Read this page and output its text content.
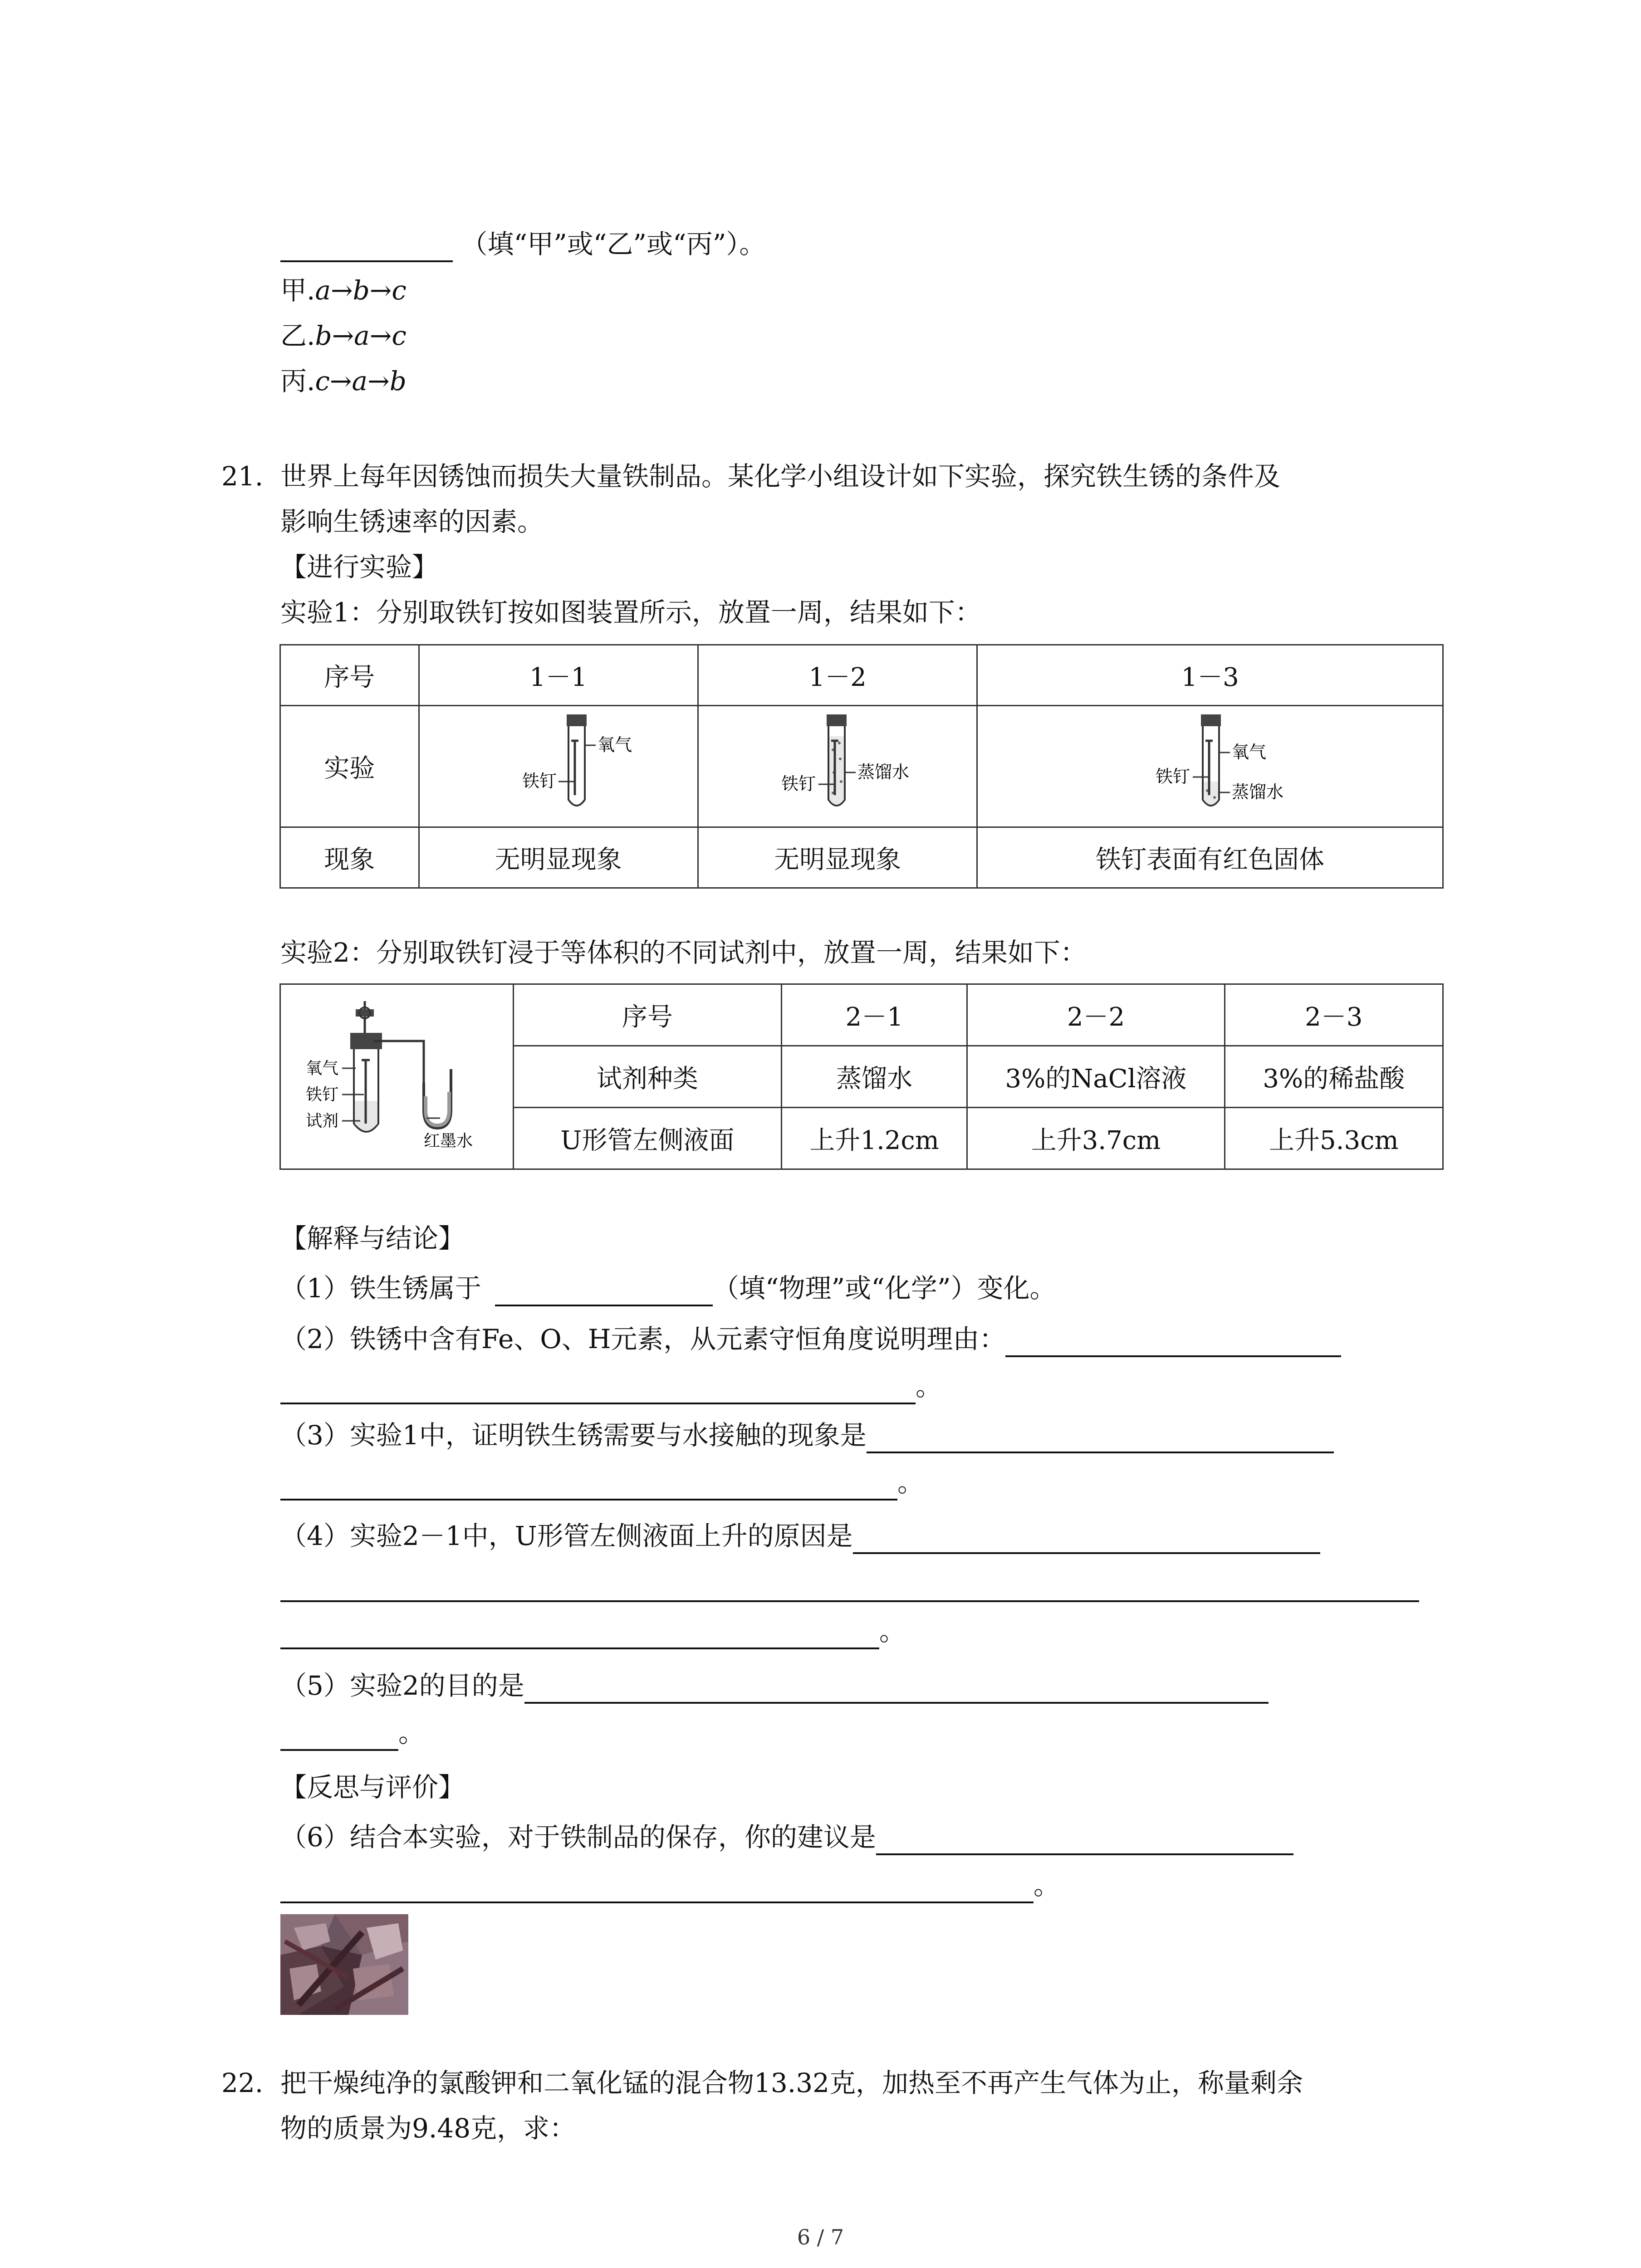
（填“甲”或“乙”或“丙”）。
甲.a→b→c
乙.b→a→c
丙.c→a→b
21. 世界上每年因锈蚀而损失大量铁制品。某化学小组设计如下实验，探究铁生锈的条件及
影响生锈速率的因素。
【进行实验】
实验1：分别取铁钉按如图装置所示，放置一周，结果如下：
序号	1－1	1－2	1－3
实验	氧气
铁钉	蒸馏水
铁钉	氧气
蒸馏水
铁钉

现象	无明显现象	无明显现象	铁钉表面有红色固体
实验2：分别取铁钉浸于等体积的不同试剂中，放置一周，结果如下：
氧气
铁钉
试剂
红墨水	序号	2－1	2－2	2－3
	试剂种类	蒸馏水	3%的NaCl溶液	3%的稀盐酸
	U形管左侧液面	上升1.2cm	上升3.7cm	上升5.3cm
【解释与结论】
（1）铁生锈属于	（填“物理”或“化学”）变化。
（2）铁锈中含有Fe、O、H元素，从元素守恒角度说明理由：
。
（3）实验1中，证明铁生锈需要与水接触的现象是
。
（4）实验2－1中，U形管左侧液面上升的原因是
。
（5）实验2的目的是
。
【反思与评价】
（6）结合本实验，对于铁制品的保存，你的建议是
。
22. 把干燥纯净的氯酸钾和二氧化锰的混合物13.32克，加热至不再产生气体为止，称量剩余
物的质景为9.48克，求：
6 / 7
